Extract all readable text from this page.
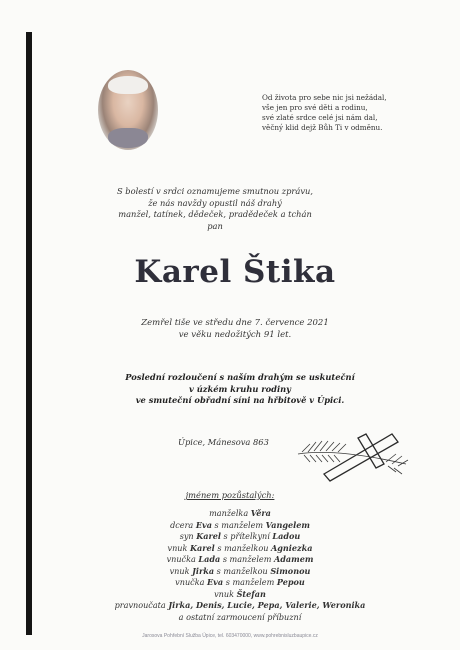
Od života pro sebe nic jsi nežádal,
vše jen pro své děti a rodinu,
své zlaté srdce celé jsi nám dal,
věčný klid dejž Bůh Ti v odměnu.
S bolestí v srdci oznamujeme smutnou zprávu,
že nás navždy opustil náš drahý
manžel, tatínek, dědeček, pradědeček a tchán
pan
Karel Štika
Zemřel tiše ve středu dne 7. července 2021
ve věku nedožitých 91 let.
Poslední rozloučení s naším drahým se uskuteční
v úzkém kruhu rodiny
ve smuteční obřadní síni na hřbitově v Úpici.
Úpice, Mánesova 863
jménem pozůstalých:
manželka Věra
dcera Eva s manželem Vangelem
syn Karel s přítelkyní Ladou
vnuk Karel s manželkou Agniezka
vnučka Lada s manželem Adamem
vnuk Jirka s manželkou Simonou
vnučka Eva s manželem Pepou
vnuk Štefan
pravnoučata Jirka, Denis, Lucie, Pepa, Valerie, Weronika
a ostatní zarmoucení příbuzní
Jarosova Pohřební Služba Úpice, tel. 603470000, www.pohrebnisluzbaupice.cz
